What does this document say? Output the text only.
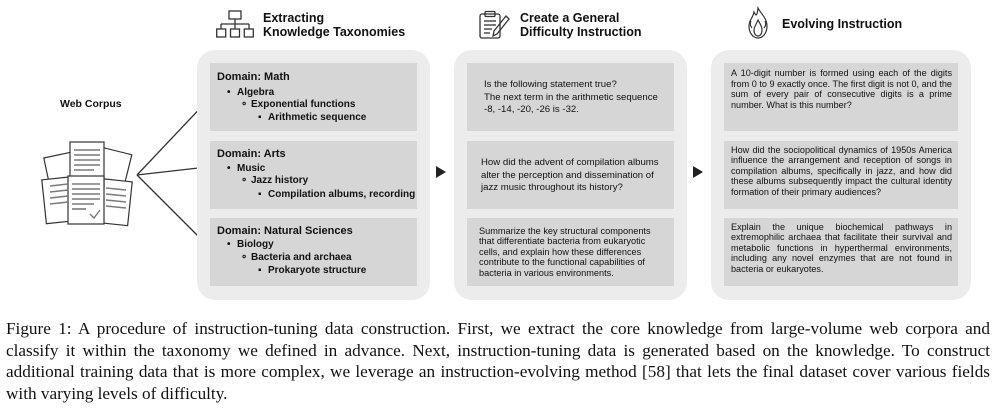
Web Corpus
Extracting
Knowledge Taxonomies
Create a General
Difficulty Instruction
Evolving Instruction
Domain: Math
• Algebra
∘ Exponential functions
▪ Arithmetic sequence
Domain: Arts
• Music
∘ Jazz history
▪ Compilation albums, recording
Domain: Natural Sciences
• Biology
∘ Bacteria and archaea
▪ Prokaryote structure
Is the following statement true?
The next term in the arithmetic sequence
-8, -14, -20, -26 is -32.
How did the advent of compilation albums
alter the perception and dissemination of
jazz music throughout its history?
Summarize the key structural components
that differentiate bacteria from eukaryotic
cells, and explain how these differences
contribute to the functional capabilities of
bacteria in various environments.
A 10-digit number is formed using each of the digits from 0 to 9 exactly once. The first digit is not 0, and the sum of every pair of consecutive digits is a prime number. What is this number?
How did the sociopolitical dynamics of 1950s America influence the arrangement and reception of songs in compilation albums, specifically in jazz, and how did these albums subsequently impact the cultural identity formation of their primary audiences?
Explain the unique biochemical pathways in extremophilic archaea that facilitate their survival and metabolic functions in hyperthermal environments, including any novel enzymes that are not found in bacteria or eukaryotes.
Figure 1: A procedure of instruction-tuning data construction. First, we extract the core knowledge from large-volume web corpora and classify it within the taxonomy we defined in advance. Next, instruction-tuning data is generated based on the knowledge. To construct additional training data that is more complex, we leverage an instruction-evolving method [58] that lets the final dataset cover various fields with varying levels of difficulty.
